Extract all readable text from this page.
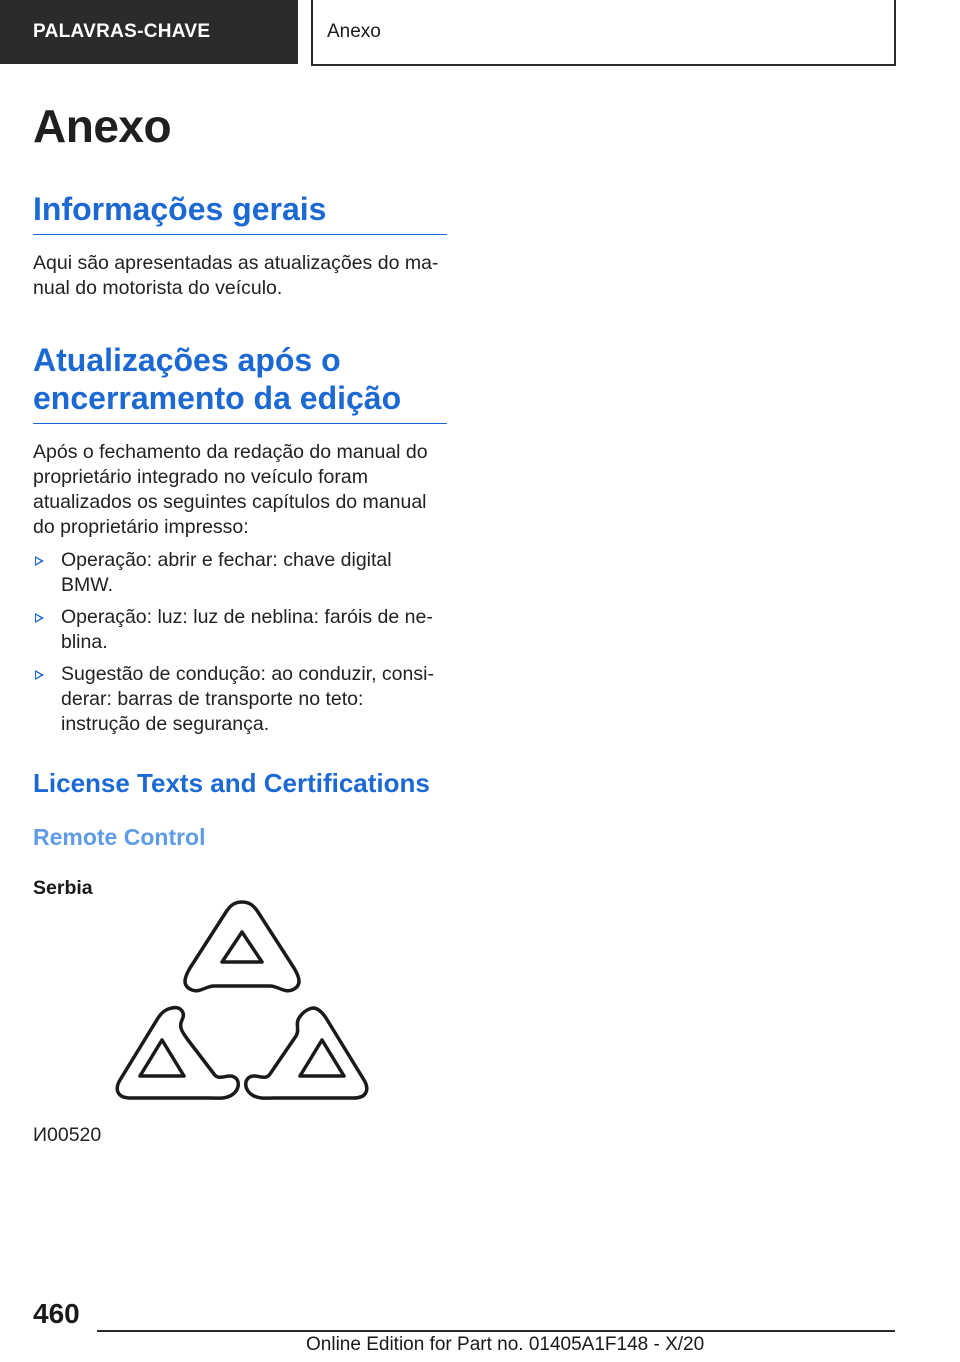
PALAVRAS-CHAVE	Anexo
Anexo
Informações gerais

Aqui são apresentadas as atualizações do manual do motorista do veículo.

Atualizações após o encerramento da edição

Após o fechamento da redação do manual do proprietário integrado no veículo foram atualizados os seguintes capítulos do manual do proprietário impresso:

Operação: abrir e fechar: chave digital BMW.
Operação: luz: luz de neblina: faróis de neblina.
Sugestão de condução: ao conduzir, considerar: barras de transporte no teto: instrução de segurança.
License Texts and Certifications
Remote Control
Serbia
И00520
460
Online Edition for Part no. 01405A1F148 - X/20
